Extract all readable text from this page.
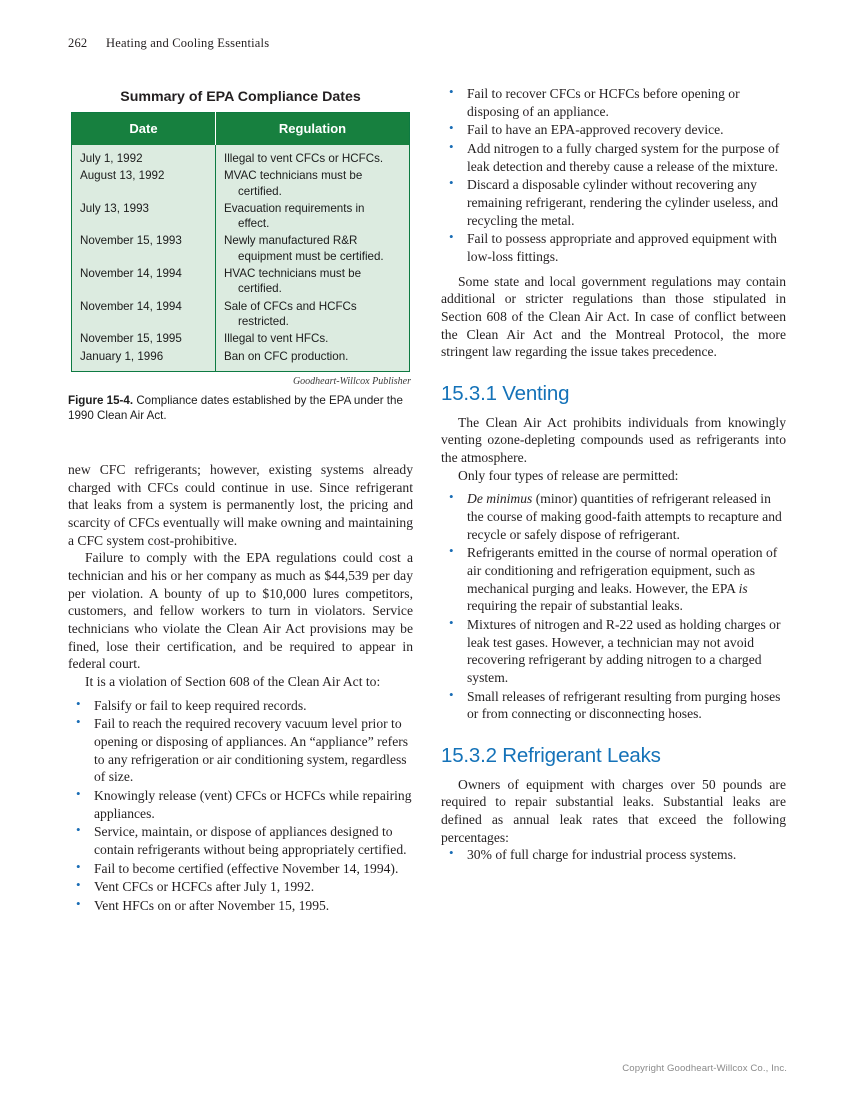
262	Heating and Cooling Essentials
Summary of EPA Compliance Dates
Date	Regulation
July 1, 1992	Illegal to vent CFCs or HCFCs.

August 13, 1992	MVAC technicians must be
certified.

July 13, 1993	Evacuation requirements in
effect.

November 15, 1993	Newly manufactured R&R
equipment must be certified.

November 14, 1994	HVAC technicians must be
certified.

November 14, 1994	Sale of CFCs and HCFCs
restricted.

November 15, 1995	Illegal to vent HFCs.

January 1, 1996	Ban on CFC production.
Goodheart-Willcox Publisher
Figure 15-4. Compliance dates established by the EPA under the 1990 Clean Air Act.

new CFC refrigerants; however, existing systems already charged with CFCs could continue in use. Since refrigerant that leaks from a system is permanently lost, the pricing and scarcity of CFCs eventually will make owning and maintaining a CFC system cost-prohibitive.

Failure to comply with the EPA regulations could cost a technician and his or her company as much as $44,539 per day per violation. A bounty of up to $10,000 lures competitors, customers, and fellow workers to turn in violators. Service technicians who violate the Clean Air Act provisions may be fined, lose their certification, and be required to appear in federal court.

It is a violation of Section 608 of the Clean Air Act to:

• Falsify or fail to keep required records.
• Fail to reach the required recovery vacuum level prior to opening or disposing of appliances. An “appliance” refers to any refrigeration or air conditioning system, regardless of size.
• Knowingly release (vent) CFCs or HCFCs while repairing appliances.
• Service, maintain, or dispose of appliances designed to contain refrigerants without being appropriately certified.
• Fail to become certified (effective November 14, 1994).
• Vent CFCs or HCFCs after July 1, 1992.
• Vent HFCs on or after November 15, 1995.
• Fail to recover CFCs or HCFCs before opening or disposing of an appliance.
• Fail to have an EPA-approved recovery device.
• Add nitrogen to a fully charged system for the purpose of leak detection and thereby cause a release of the mixture.
• Discard a disposable cylinder without recovering any remaining refrigerant, rendering the cylinder useless, and recycling the metal.
• Fail to possess appropriate and approved equipment with low-loss fittings.

Some state and local government regulations may contain additional or stricter regulations than those stipulated in Section 608 of the Clean Air Act. In case of conflict between the Clean Air Act and the Montreal Protocol, the more stringent law regarding the issue takes precedence.

15.3.1 Venting

The Clean Air Act prohibits individuals from knowingly venting ozone-depleting compounds used as refrigerants into the atmosphere.

Only four types of release are permitted:

• De minimus (minor) quantities of refrigerant released in the course of making good-faith attempts to recapture and recycle or safely dispose of refrigerant.
• Refrigerants emitted in the course of normal operation of air conditioning and refrigeration equipment, such as mechanical purging and leaks. However, the EPA is requiring the repair of substantial leaks.
• Mixtures of nitrogen and R-22 used as holding charges or leak test gases. However, a technician may not avoid recovering refrigerant by adding nitrogen to a charged system.
• Small releases of refrigerant resulting from purging hoses or from connecting or disconnecting hoses.
15.3.2 Refrigerant Leaks

Owners of equipment with charges over 50 pounds are required to repair substantial leaks. Substantial leaks are defined as annual leak rates that exceed the following percentages:

• 30% of full charge for industrial process systems.
Copyright Goodheart-Willcox Co., Inc.
